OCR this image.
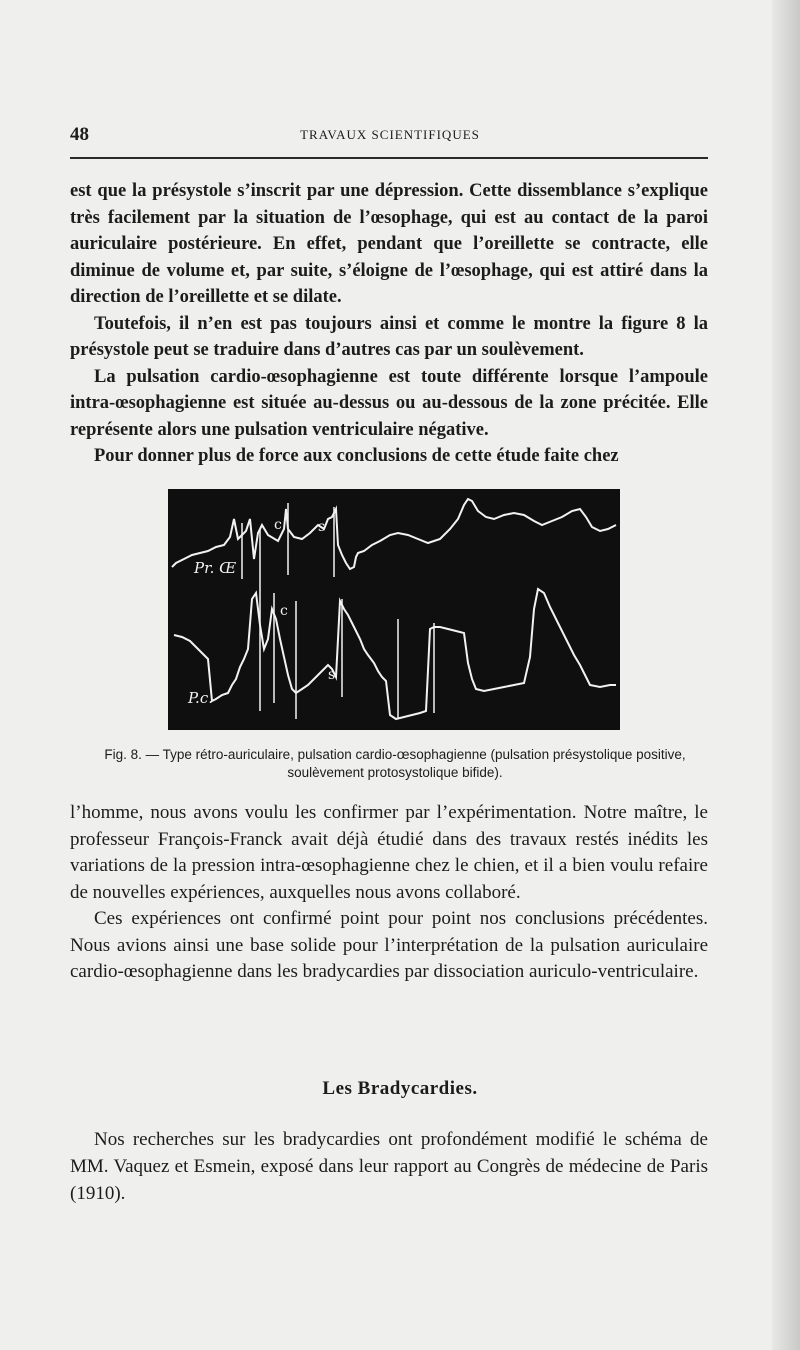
48	TRAVAUX SCIENTIFIQUES

est que la présystole s’inscrit par une dépression. Cette dissemblance s’explique très facilement par la situation de l’œsophage, qui est au contact de la paroi auriculaire postérieure. En effet, pendant que l’oreillette se contracte, elle diminue de volume et, par suite, s’éloigne de l’œsophage, qui est attiré dans la direction de l’oreillette et se dilate.

Toutefois, il n’en est pas toujours ainsi et comme le montre la figure 8 la présystole peut se traduire dans d’autres cas par un soulèvement.

La pulsation cardio-œsophagienne est toute différente lorsque l’ampoule intra-œsophagienne est située au-dessus ou au-dessous de la zone précitée. Elle représente alors une pulsation ventriculaire négative.

Pour donner plus de force aux conclusions de cette étude faite chez

Pr. Œ
P.c.
c	s
c
s
Fig. 8. — Type rétro-auriculaire, pulsation cardio-œsophagienne (pulsation présystolique positive, soulèvement protosystolique bifide).

l’homme, nous avons voulu les confirmer par l’expérimentation. Notre maître, le professeur François-Franck avait déjà étudié dans des travaux restés inédits les variations de la pression intra-œsophagienne chez le chien, et il a bien voulu refaire de nouvelles expériences, auxquelles nous avons collaboré.

Ces expériences ont confirmé point pour point nos conclusions précédentes. Nous avions ainsi une base solide pour l’interprétation de la pulsation auriculaire cardio-œsophagienne dans les bradycardies par dissociation auriculo-ventriculaire.

Les Bradycardies.

Nos recherches sur les bradycardies ont profondément modifié le schéma de MM. Vaquez et Esmein, exposé dans leur rapport au Congrès de médecine de Paris (1910).
